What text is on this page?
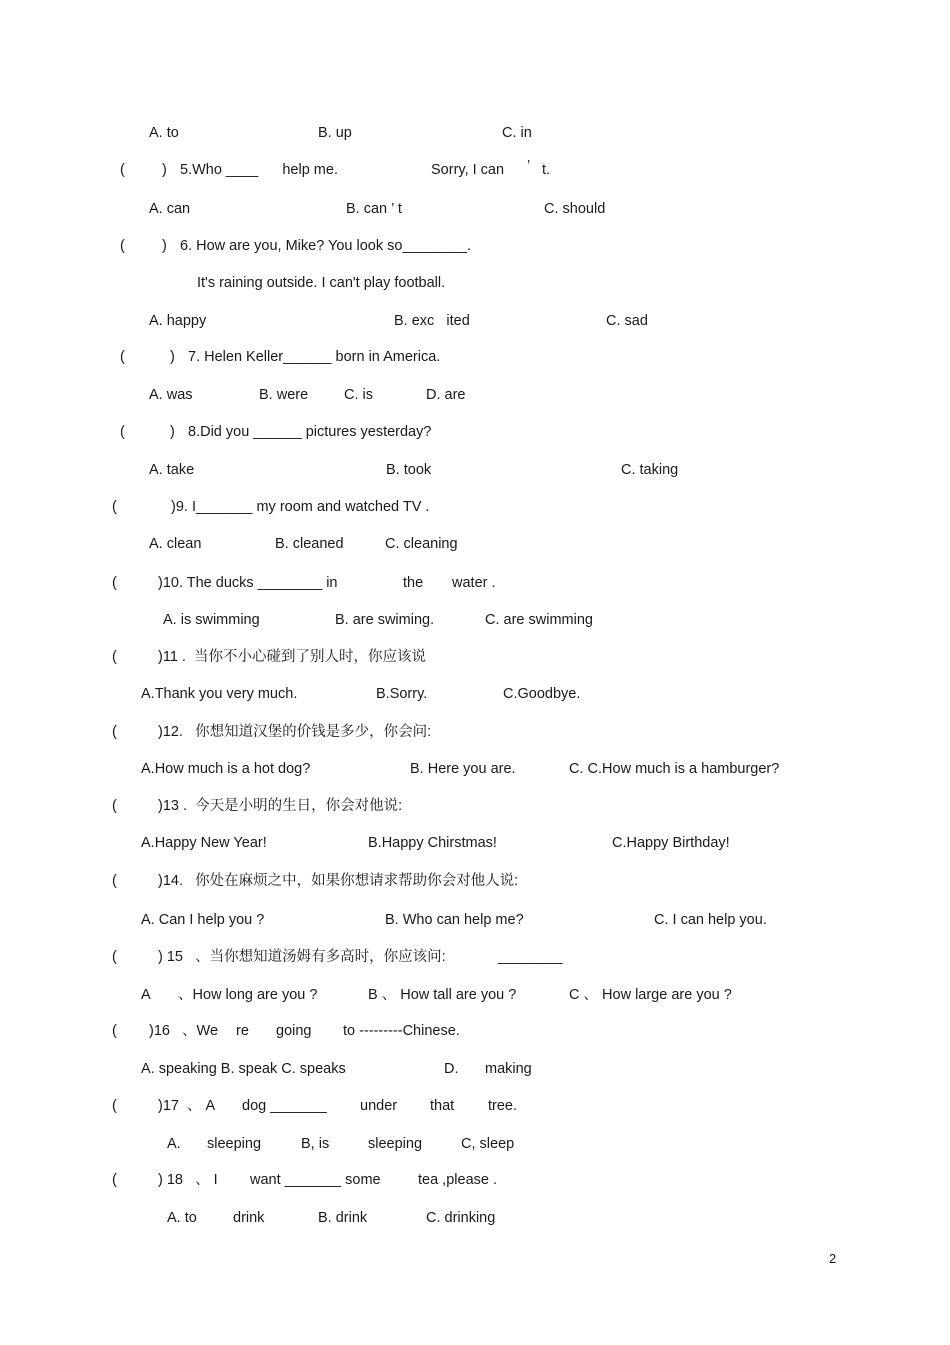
A. to	B. up	C. in
(	) 5.Who ____      help me.	Sorry, I can ’ t.
A. can	B. can ’ t	C. should
(	) 6. How are you, Mike? You look so________.
It's raining outside. I can't play football.
A. happy	B. exc   ited	C. sad
(	) 7. Helen Keller______ born in America.
A. was	B. were C. is	D. are
(	) 8.Did you ______ pictures yesterday?
A. take	B. took	C. taking
(	)9. I_______ my room and watched TV .
A. clean	B. cleaned	C. cleaning
(	)10. The ducks ________ in	the water .
A. is swimming	B. are swiming.	C. are swimming
(	)11 .  当你不小心碰到了别人时，你应该说
A.Thank you very much.	B.Sorry.	C.Goodbye.
(	)12.   你想知道汉堡的价钱是多少，你会问:
A.How much is a hot dog?	B. Here you are.	C. C.How much is a hamburger?
(	)13 .  今天是小明的生日，你会对他说:
A.Happy New Year!	B.Happy Chirstmas!	C.Happy Birthday!
(	)14.   你处在麻烦之中，如果你想请求帮助你会对他人说:
A. Can I help you ?	B. Who can help me?	C. I can help you.
(	) 15   、当你想知道汤姆有多高时，你应该问:	________
A 、How long are you ?	B 、 How tall are you ?	C 、 How large are you ?
( )16   、We re going to ---------Chinese.
A. speaking B. speak C. speaks	D. making
(	)17  、 A dog _______ under that tree.
A. sleeping	B, is	sleeping	C, sleep
(	) 18   、 I want _______ some	tea ,please .
A. to drink	B. drink	C. drinking
2
